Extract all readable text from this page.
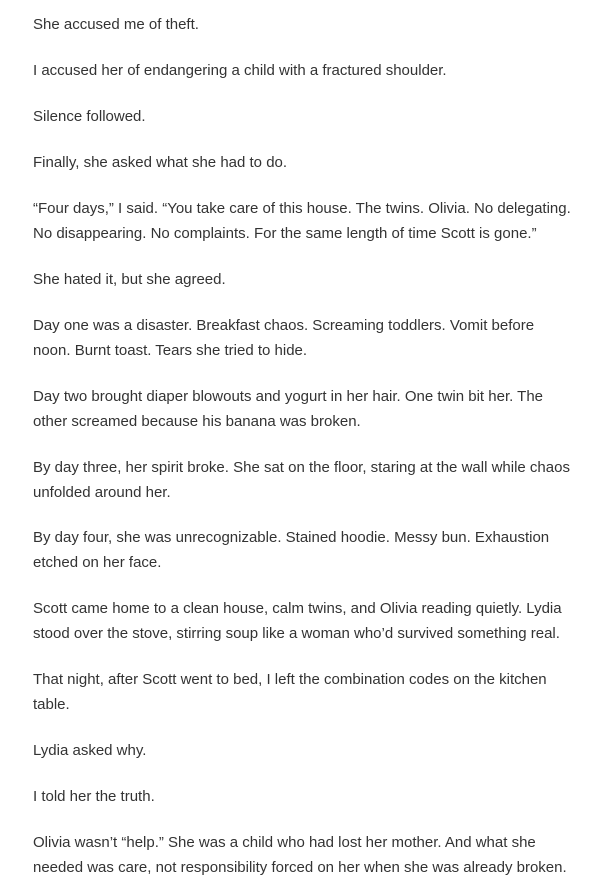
She accused me of theft.

I accused her of endangering a child with a fractured shoulder.

Silence followed.

Finally, she asked what she had to do.

“Four days,” I said. “You take care of this house. The twins. Olivia. No delegating.
No disappearing. No complaints. For the same length of time Scott is gone.”

She hated it, but she agreed.

Day one was a disaster. Breakfast chaos. Screaming toddlers. Vomit before
noon. Burnt toast. Tears she tried to hide.

Day two brought diaper blowouts and yogurt in her hair. One twin bit her. The
other screamed because his banana was broken.

By day three, her spirit broke. She sat on the floor, staring at the wall while chaos
unfolded around her.

By day four, she was unrecognizable. Stained hoodie. Messy bun. Exhaustion
etched on her face.

Scott came home to a clean house, calm twins, and Olivia reading quietly. Lydia
stood over the stove, stirring soup like a woman who’d survived something real.

That night, after Scott went to bed, I left the combination codes on the kitchen
table.

Lydia asked why.

I told her the truth.

Olivia wasn’t “help.” She was a child who had lost her mother. And what she
needed was care, not responsibility forced on her when she was already broken.
